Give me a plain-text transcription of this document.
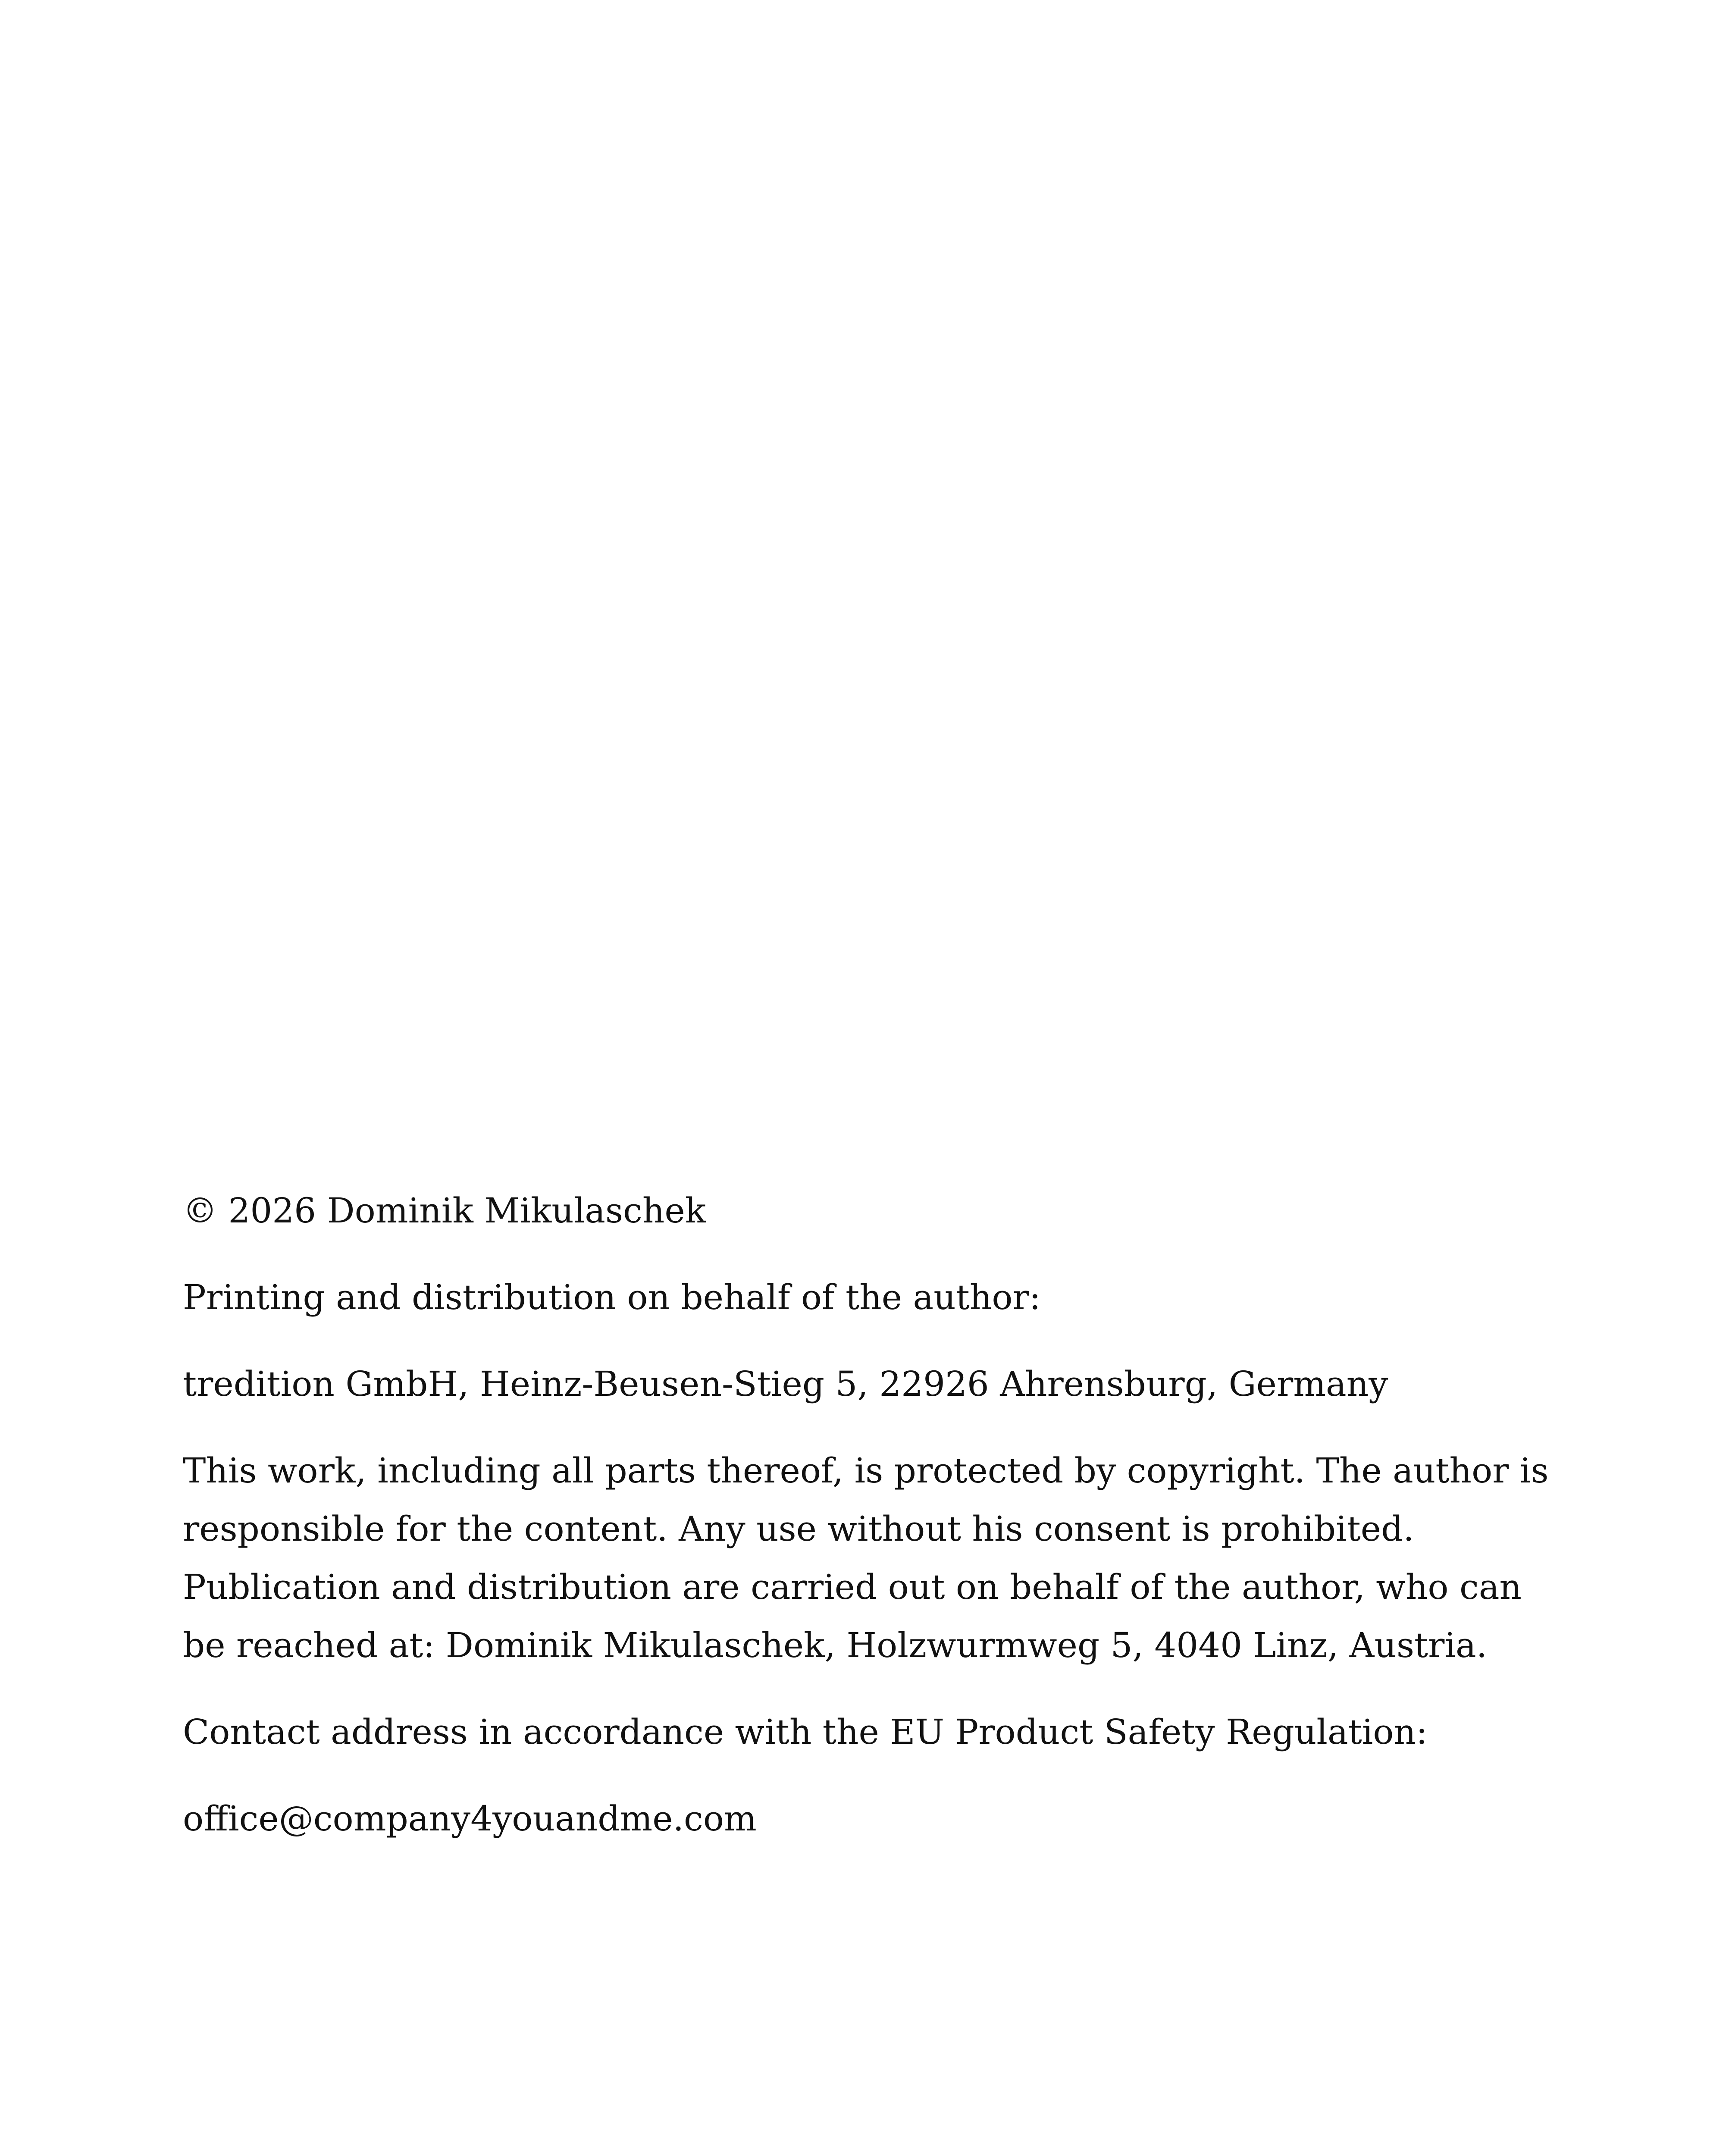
© 2026 Dominik Mikulaschek

Printing and distribution on behalf of the author:

tredition GmbH, Heinz-Beusen-Stieg 5, 22926 Ahrensburg, Germany

This work, including all parts thereof, is protected by copyright. The author is responsible for the content. Any use without his consent is prohibited. Publication and distribution are carried out on behalf of the author, who can be reached at: Dominik Mikulaschek, Holzwurmweg 5, 4040 Linz, Austria.

Contact address in accordance with the EU Product Safety Regulation:

office@company4youandme.com
